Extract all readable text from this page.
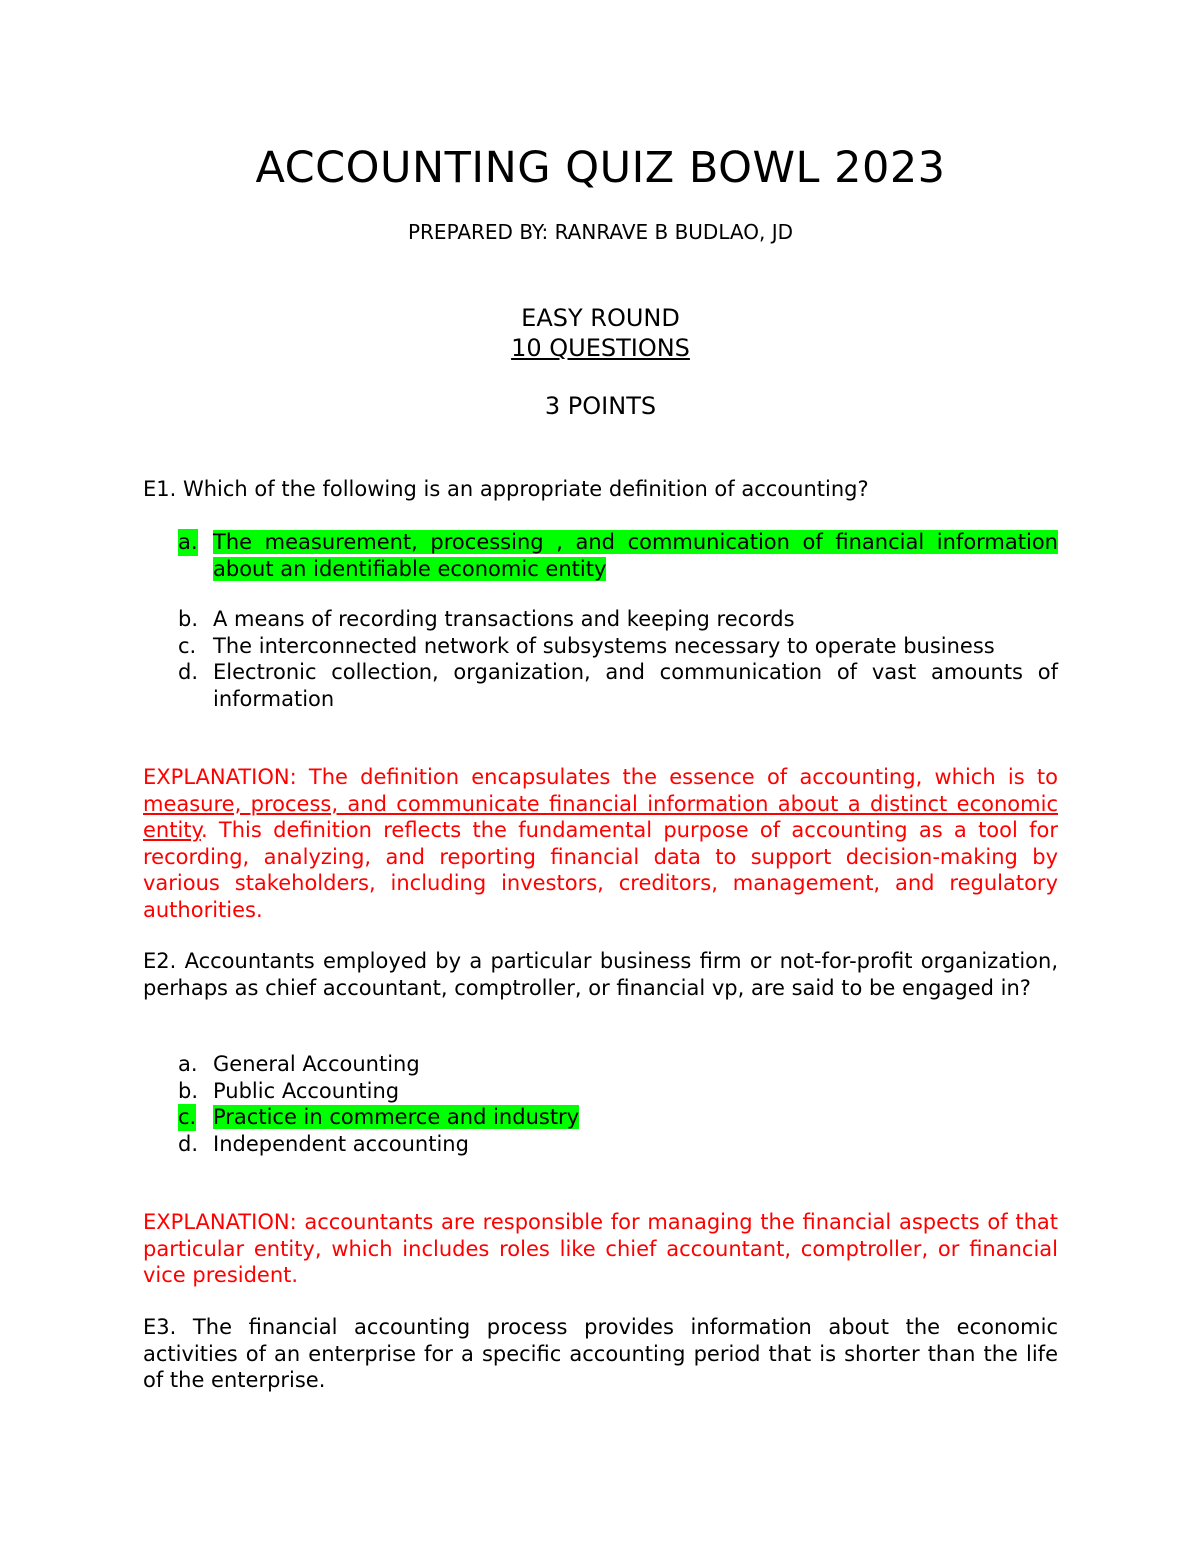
ACCOUNTING QUIZ BOWL 2023
PREPARED BY: RANRAVE B BUDLAO, JD
EASY ROUND
10 QUESTIONS
3 POINTS

E1. Which of the following is an appropriate definition of accounting?

a. The measurement, processing , and communication of financial information about an identifiable economic entity
b. A means of recording transactions and keeping records
c. The interconnected network of subsystems necessary to operate business
d. Electronic collection, organization, and communication of vast amounts of information

EXPLANATION: The definition encapsulates the essence of accounting, which is to measure, process, and communicate financial information about a distinct economic entity. This definition reflects the fundamental purpose of accounting as a tool for recording, analyzing, and reporting financial data to support decision-making by various stakeholders, including investors, creditors, management, and regulatory authorities.

E2. Accountants employed by a particular business firm or not-for-profit organization, perhaps as chief accountant, comptroller, or financial vp, are said to be engaged in?

a. General Accounting
b. Public Accounting
c. Practice in commerce and industry
d. Independent accounting

EXPLANATION: accountants are responsible for managing the financial aspects of that particular entity, which includes roles like chief accountant, comptroller, or financial vice president.

E3. The financial accounting process provides information about the economic activities of an enterprise for a specific accounting period that is shorter than the life of the enterprise.
